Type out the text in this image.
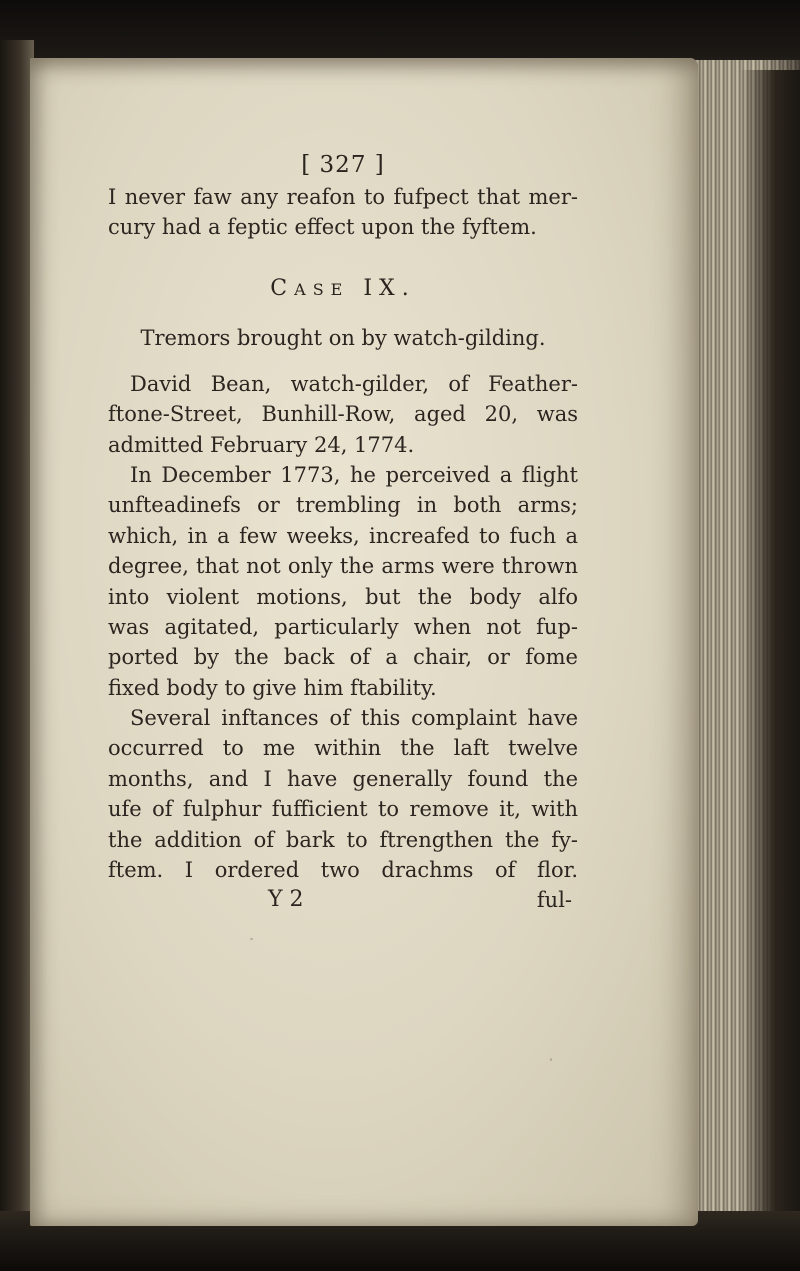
[ 327 ]
I never faw any reafon to fufpect that mer-
cury had a feptic effect upon the fyftem.
CASE IX.
Tremors brought on by watch-gilding.
David Bean, watch-gilder, of Feather-
ftone-Street, Bunhill-Row, aged 20, was
admitted February 24, 1774.
In December 1773, he perceived a flight
unfteadinefs or trembling in both arms;
which, in a few weeks, increafed to fuch a
degree, that not only the arms were thrown
into violent motions, but the body alfo
was agitated, particularly when not fup-
ported by the back of a chair, or fome
fixed body to give him ftability.
Several inftances of this complaint have
occurred to me within the laft twelve
months, and I have generally found the
ufe of fulphur fufficient to remove it, with
the addition of bark to ftrengthen the fy-
ftem. I ordered two drachms of flor.
Y 2	ful-
